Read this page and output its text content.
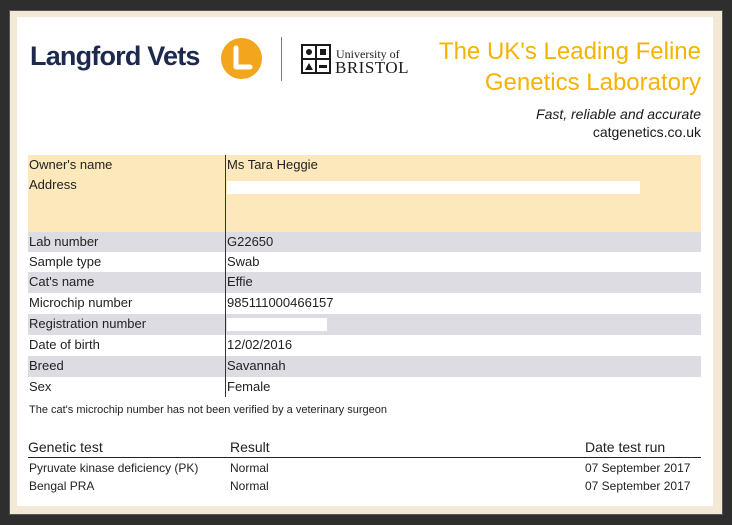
Langford Vets	University of
BRISTOL
The UK's Leading Feline
Genetics Laboratory
Fast, reliable and accurate
catgenetics.co.uk
Owner's name	Ms Tara Heggie
Address
Lab number	G22650
Sample type	Swab
Cat's name	Effie
Microchip number	985111000466157
Registration number
Date of birth	12/02/2016
Breed	Savannah
Sex	Female
The cat's microchip number has not been verified by a veterinary surgeon
Genetic test	Result	Date test run
Pyruvate kinase deficiency (PK)	Normal	07 September 2017
Bengal PRA	Normal	07 September 2017
